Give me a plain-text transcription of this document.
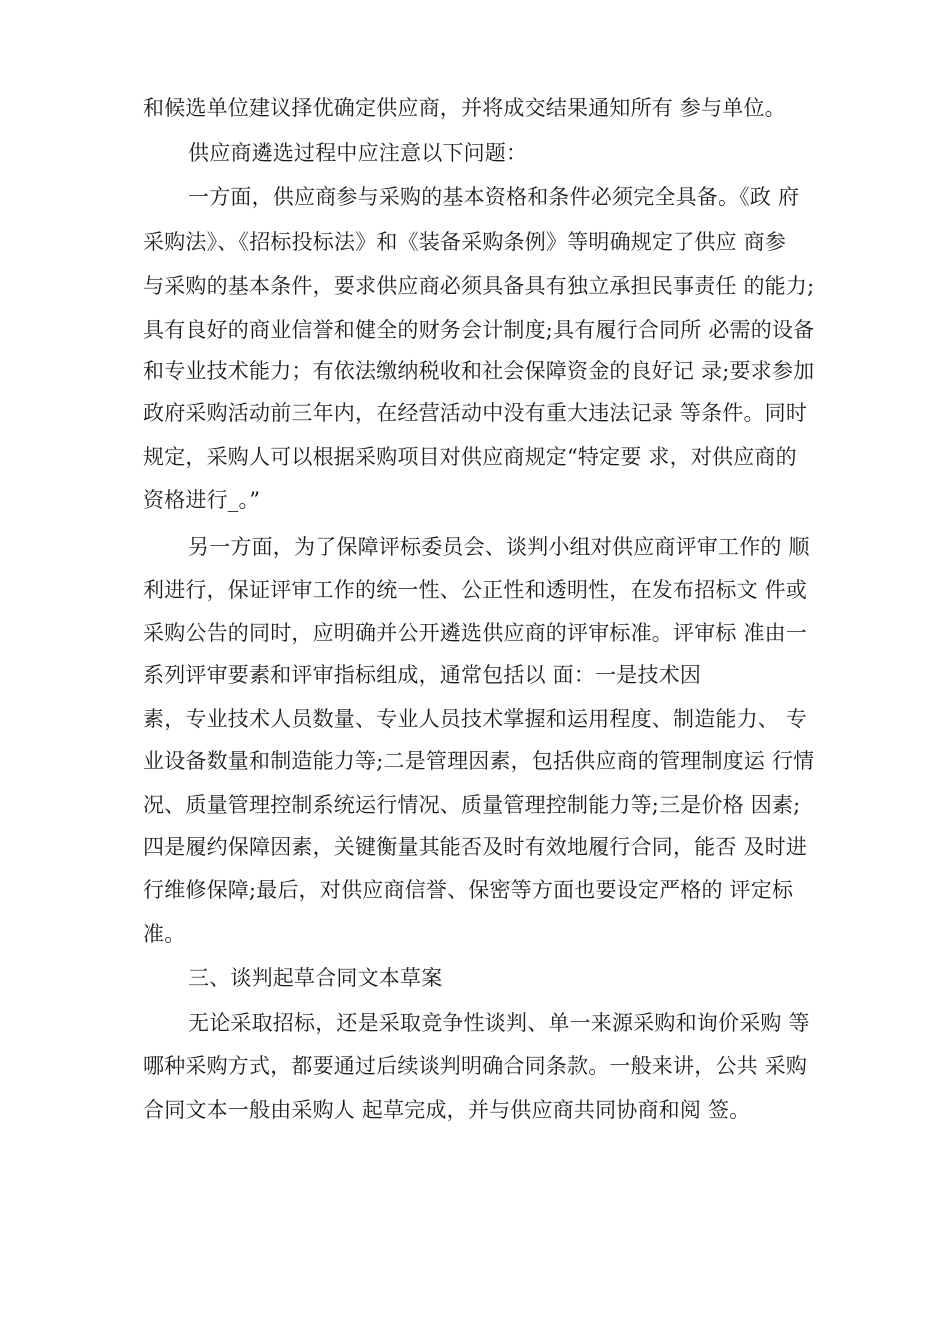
和候选单位建议择优确定供应商，并将成交结果通知所有 参与单位。
供应商遴选过程中应注意以下问题：
一方面，供应商参与采购的基本资格和条件必须完全具备。《政 府
采购法》、《招标投标法》和《装备采购条例》等明确规定了供应 商参
与采购的基本条件，要求供应商必须具备具有独立承担民事责任 的能力;
具有良好的商业信誉和健全的财务会计制度;具有履行合同所 必需的设备
和专业技术能力；有依法缴纳税收和社会保障资金的良好记 录;要求参加
政府采购活动前三年内，在经营活动中没有重大违法记录 等条件。同时
规定，采购人可以根据采购项目对供应商规定“特定要 求，对供应商的
资格进行_。”
另一方面，为了保障评标委员会、谈判小组对供应商评审工作的 顺
利进行，保证评审工作的统一性、公正性和透明性，在发布招标文 件或
采购公告的同时，应明确并公开遴选供应商的评审标准。评审标 准由一
系列评审要素和评审指标组成，通常包括以 面：一是技术因
素，专业技术人员数量、专业人员技术掌握和运用程度、制造能力、 专
业设备数量和制造能力等;二是管理因素，包括供应商的管理制度运 行情
况、质量管理控制系统运行情况、质量管理控制能力等;三是价格 因素;
四是履约保障因素，关键衡量其能否及时有效地履行合同，能否 及时进
行维修保障;最后，对供应商信誉、保密等方面也要设定严格的 评定标
准。
三、谈判起草合同文本草案
无论采取招标，还是采取竞争性谈判、单一来源采购和询价采购 等
哪种采购方式，都要通过后续谈判明确合同条款。一般来讲，公共 采购
合同文本一般由采购人 起草完成，并与供应商共同协商和阅 签。
